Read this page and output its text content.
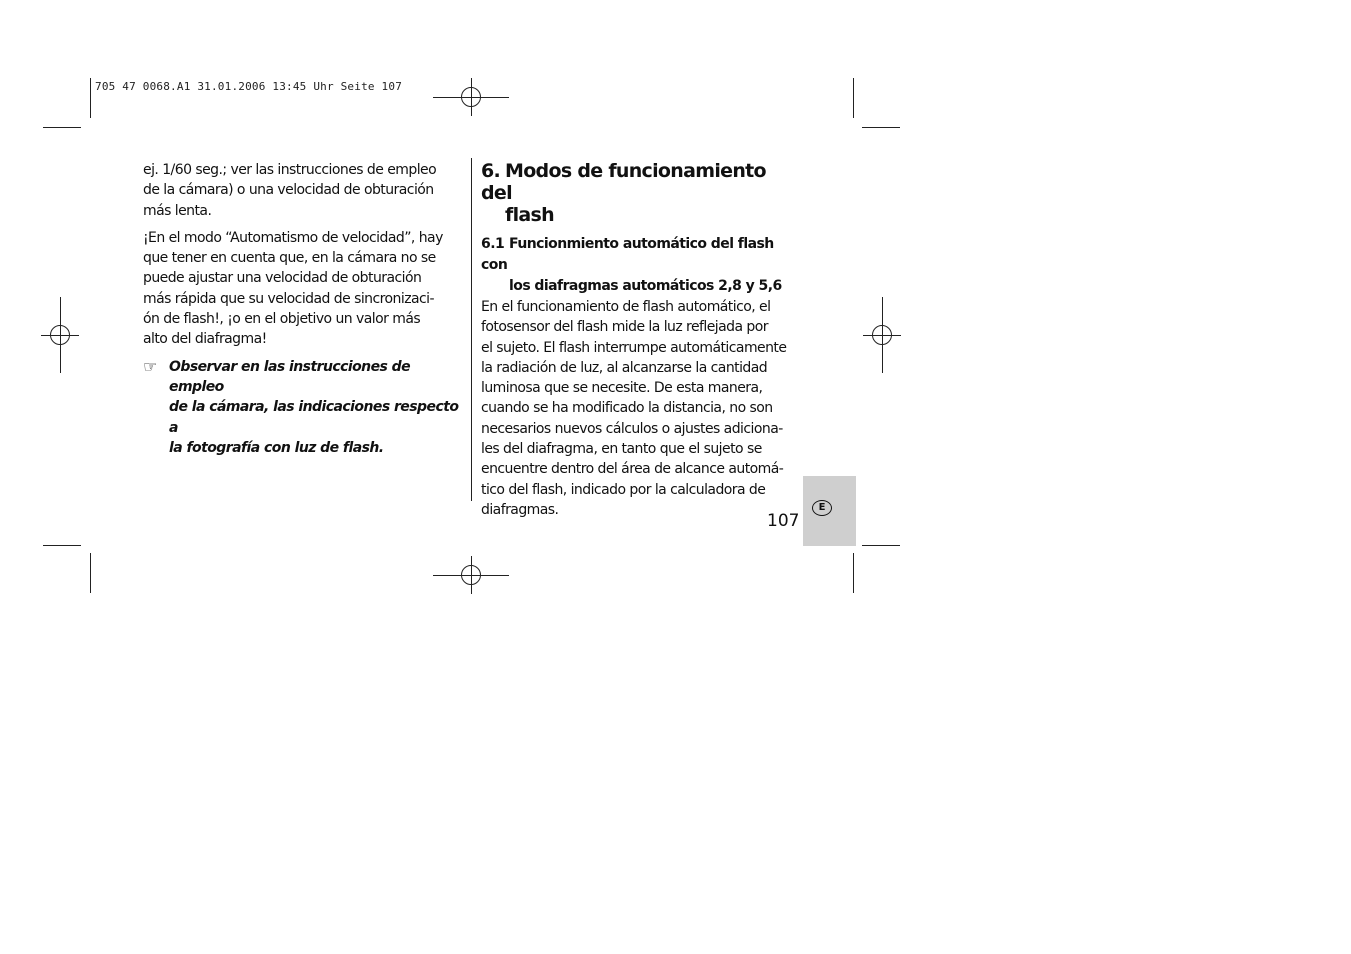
705 47 0068.A1 31.01.2006 13:45 Uhr Seite 107

ej. 1/60 seg.; ver las instrucciones de empleo
de la cámara) o una velocidad de obturación
más lenta.

¡En el modo “Automatismo de velocidad”, hay
que tener en cuenta que, en la cámara no se
puede ajustar una velocidad de obturación
más rápida que su velocidad de sincronizaci-
ón de flash!, ¡o en el objetivo un valor más
alto del diafragma!

☞ Observar en las instrucciones de empleo
de la cámara, las indicaciones respecto a
la fotografía con luz de flash.
6. Modos de funcionamiento del

flash
6.1 Funcionmiento automático del flash con
los diafragmas automáticos 2,8 y 5,6

En el funcionamiento de flash automático, el
fotosensor del flash mide la luz reflejada por
el sujeto. El flash interrumpe automáticamente
la radiación de luz, al alcanzarse la cantidad
luminosa que se necesite. De esta manera,
cuando se ha modificado la distancia, no son
necesarios nuevos cálculos o ajustes adiciona-
les del diafragma, en tanto que el sujeto se
encuentre dentro del área de alcance automá-
tico del flash, indicado por la calculadora de
diafragmas.	E
107
